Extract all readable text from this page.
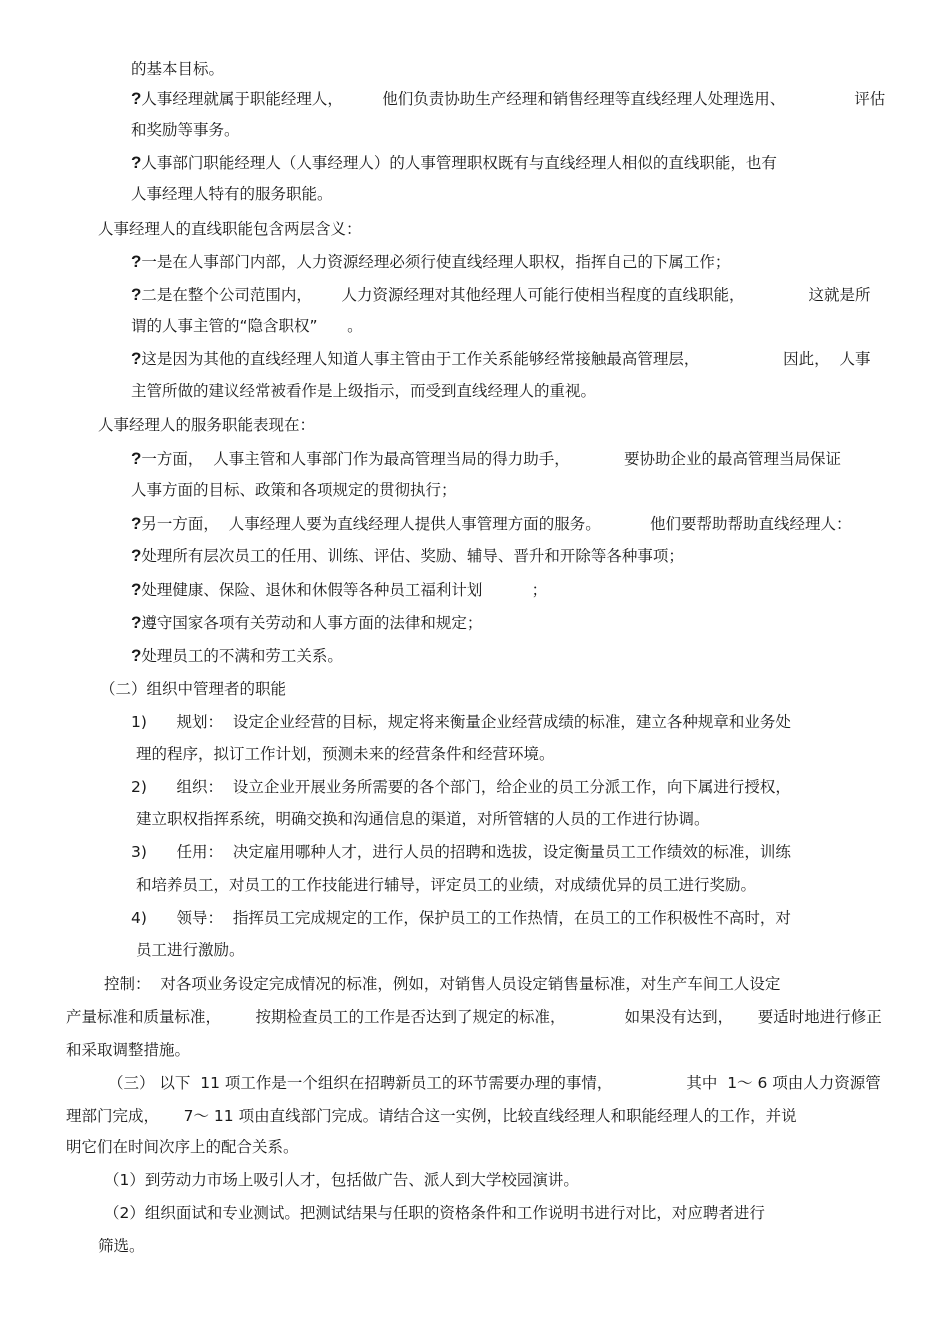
的基本目标。
?人事经理就属于职能经理人，        他们负责协助生产经理和销售经理等直线经理人处理选用、              评估
和奖励等事务。
?人事部门职能经理人（人事经理人）的人事管理职权既有与直线经理人相似的直线职能，也有
人事经理人特有的服务职能。
人事经理人的直线职能包含两层含义：
?一是在人事部门内部，人力资源经理必须行使直线经理人职权，指挥自己的下属工作；
?二是在整个公司范围内，      人力资源经理对其他经理人可能行使相当程度的直线职能，             这就是所
谓的人事主管的“隐含职权”      。
?这是因为其他的直线经理人知道人事主管由于工作关系能够经常接触最高管理层，                 因此，  人事
主管所做的建议经常被看作是上级指示，而受到直线经理人的重视。
人事经理人的服务职能表现在：
?一方面，  人事主管和人事部门作为最高管理当局的得力助手，           要协助企业的最高管理当局保证
人事方面的目标、政策和各项规定的贯彻执行；
?另一方面，  人事经理人要为直线经理人提供人事管理方面的服务。          他们要帮助帮助直线经理人：
?处理所有层次员工的任用、训练、评估、奖励、辅导、晋升和开除等各种事项；
?处理健康、保险、退休和休假等各种员工福利计划          ；
?遵守国家各项有关劳动和人事方面的法律和规定；
?处理员工的不满和劳工关系。
（二）组织中管理者的职能
1)      规划：  设定企业经营的目标，规定将来衡量企业经营成绩的标准，建立各种规章和业务处
理的程序，拟订工作计划，预测未来的经营条件和经营环境。
2)      组织：  设立企业开展业务所需要的各个部门，给企业的员工分派工作，向下属进行授权，
建立职权指挥系统，明确交换和沟通信息的渠道，对所管辖的人员的工作进行协调。
3)      任用：  决定雇用哪种人才，进行人员的招聘和选拔，设定衡量员工工作绩效的标准，训练
和培养员工，对员工的工作技能进行辅导，评定员工的业绩，对成绩优异的员工进行奖励。
4)      领导：  指挥员工完成规定的工作，保护员工的工作热情，在员工的工作积极性不高时，对
员工进行激励。
控制：  对各项业务设定完成情况的标准，例如，对销售人员设定销售量标准，对生产车间工人设定
产量标准和质量标准，       按期检查员工的工作是否达到了规定的标准，            如果没有达到，     要适时地进行修正
和采取调整措施。
（三） 以下  11 项工作是一个组织在招聘新员工的环节需要办理的事情，               其中  1～ 6 项由人力资源管
理部门完成，     7～ 11 项由直线部门完成。请结合这一实例，比较直线经理人和职能经理人的工作，并说
明它们在时间次序上的配合关系。
（1）到劳动力市场上吸引人才，包括做广告、派人到大学校园演讲。
（2）组织面试和专业测试。把测试结果与任职的资格条件和工作说明书进行对比，对应聘者进行
筛选。
